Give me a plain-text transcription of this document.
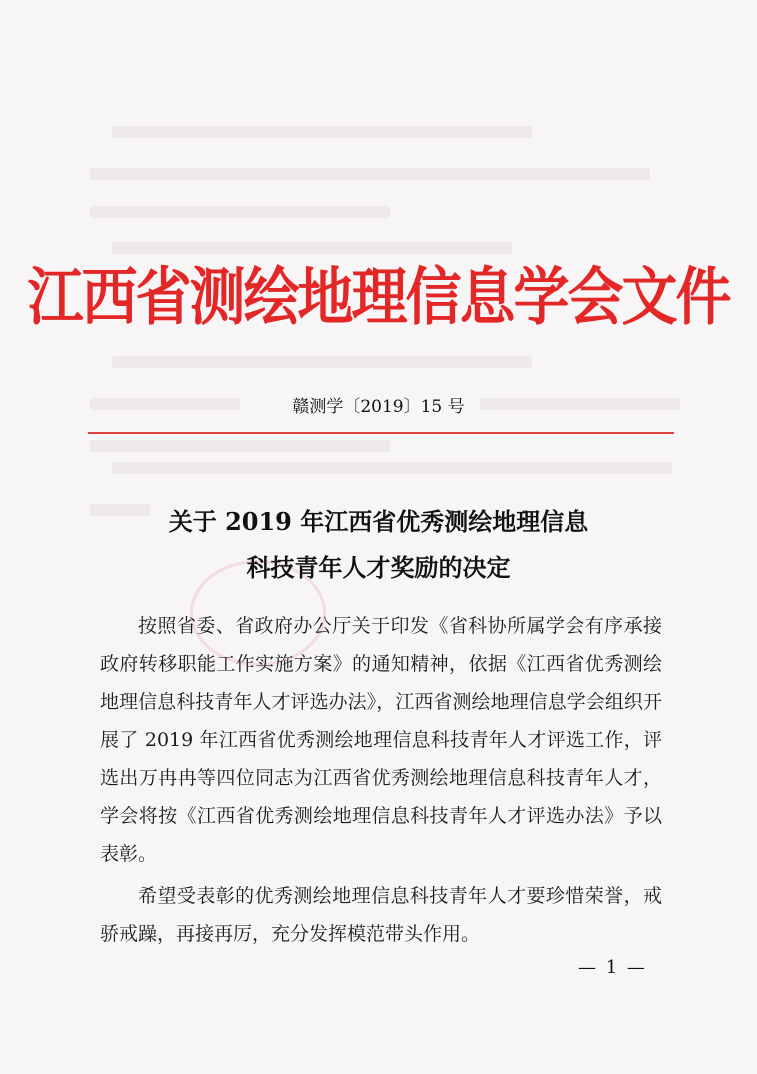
江西省测绘地理信息学会文件
赣测学〔2019〕15 号
关于 2019 年江西省优秀测绘地理信息
科技青年人才奖励的决定

按照省委、省政府办公厅关于印发《省科协所属学会有序承接政府转移职能工作实施方案》的通知精神，依据《江西省优秀测绘地理信息科技青年人才评选办法》，江西省测绘地理信息学会组织开展了 2019 年江西省优秀测绘地理信息科技青年人才评选工作，评选出万冉冉等四位同志为江西省优秀测绘地理信息科技青年人才，学会将按《江西省优秀测绘地理信息科技青年人才评选办法》予以表彰。

希望受表彰的优秀测绘地理信息科技青年人才要珍惜荣誉，戒骄戒躁，再接再厉，充分发挥模范带头作用。

— 1 —
